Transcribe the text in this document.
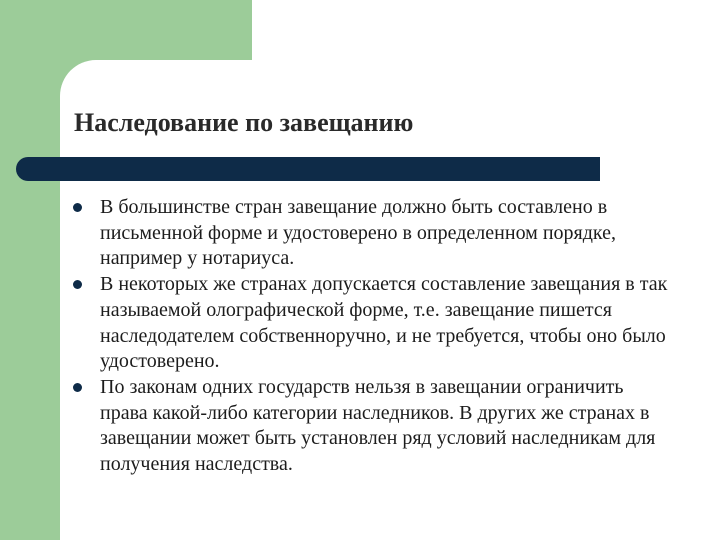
Наследование по завещанию
В большинстве стран завещание должно быть составлено в письменной форме и удостоверено в определенном порядке, например у нотариуса.
В некоторых же странах допускается составление завещания в так называемой олографической форме, т.е. завещание пишется наследодателем собственноручно, и не требуется, чтобы оно было удостоверено.
По законам одних государств нельзя в завещании ограничить права какой-либо категории наследников. В других же странах в завещании может быть установлен ряд условий наследникам для получения наследства.
